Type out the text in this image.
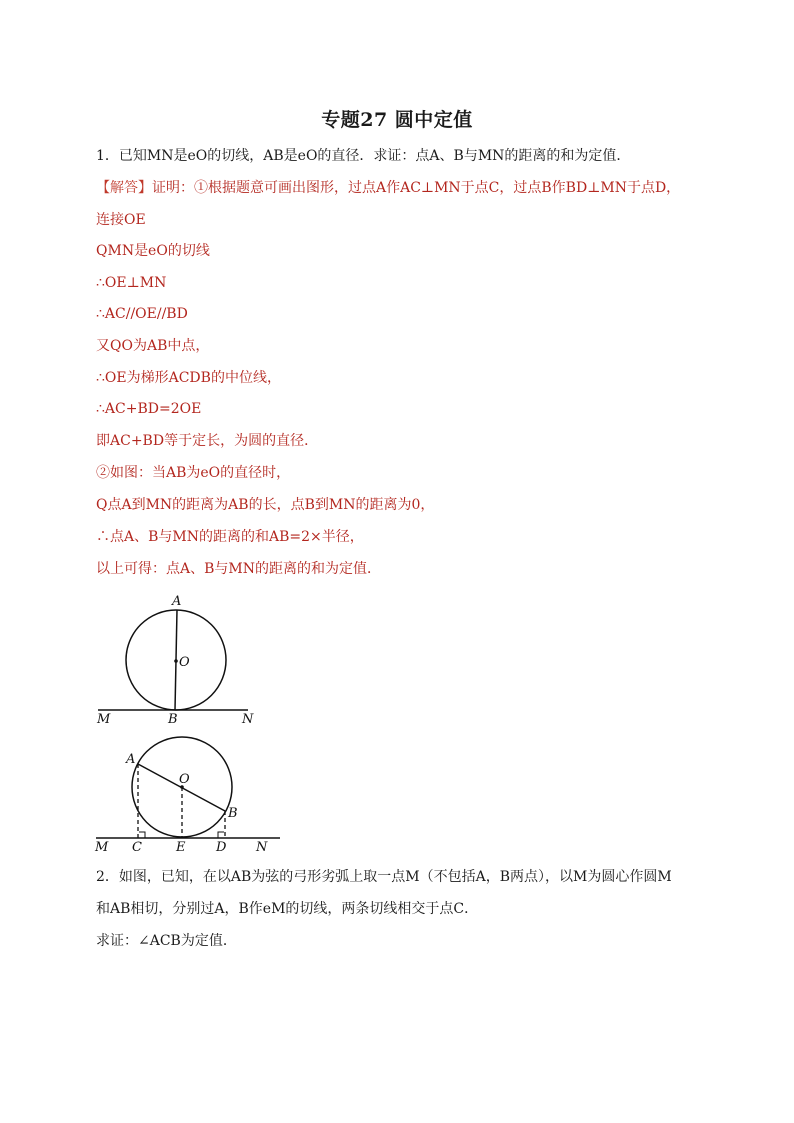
专题27 圆中定值
1．已知MN是eO的切线，AB是eO的直径．求证：点A、B与MN的距离的和为定值．
【解答】证明：①根据题意可画出图形，过点A作AC⊥MN于点C，过点B作BD⊥MN于点D，
连接OE
QMN是eO的切线
∴OE⊥MN
∴AC//OE//BD
又QO为AB中点，
∴OE为梯形ACDB的中位线，
∴AC+BD=2OE
即AC+BD等于定长，为圆的直径．
②如图：当AB为eO的直径时，
Q点A到MN的距离为AB的长，点B到MN的距离为0，
∴点A、B与MN的距离的和AB=2×半径，
以上可得：点A、B与MN的距离的和为定值．
A
O
M	B	N
A
O
B
M C	E D N
2．如图，已知，在以AB为弦的弓形劣弧上取一点M（不包括A，B两点），以M为圆心作圆M
和AB相切，分别过A，B作eM的切线，两条切线相交于点C．
求证：∠ACB为定值．
